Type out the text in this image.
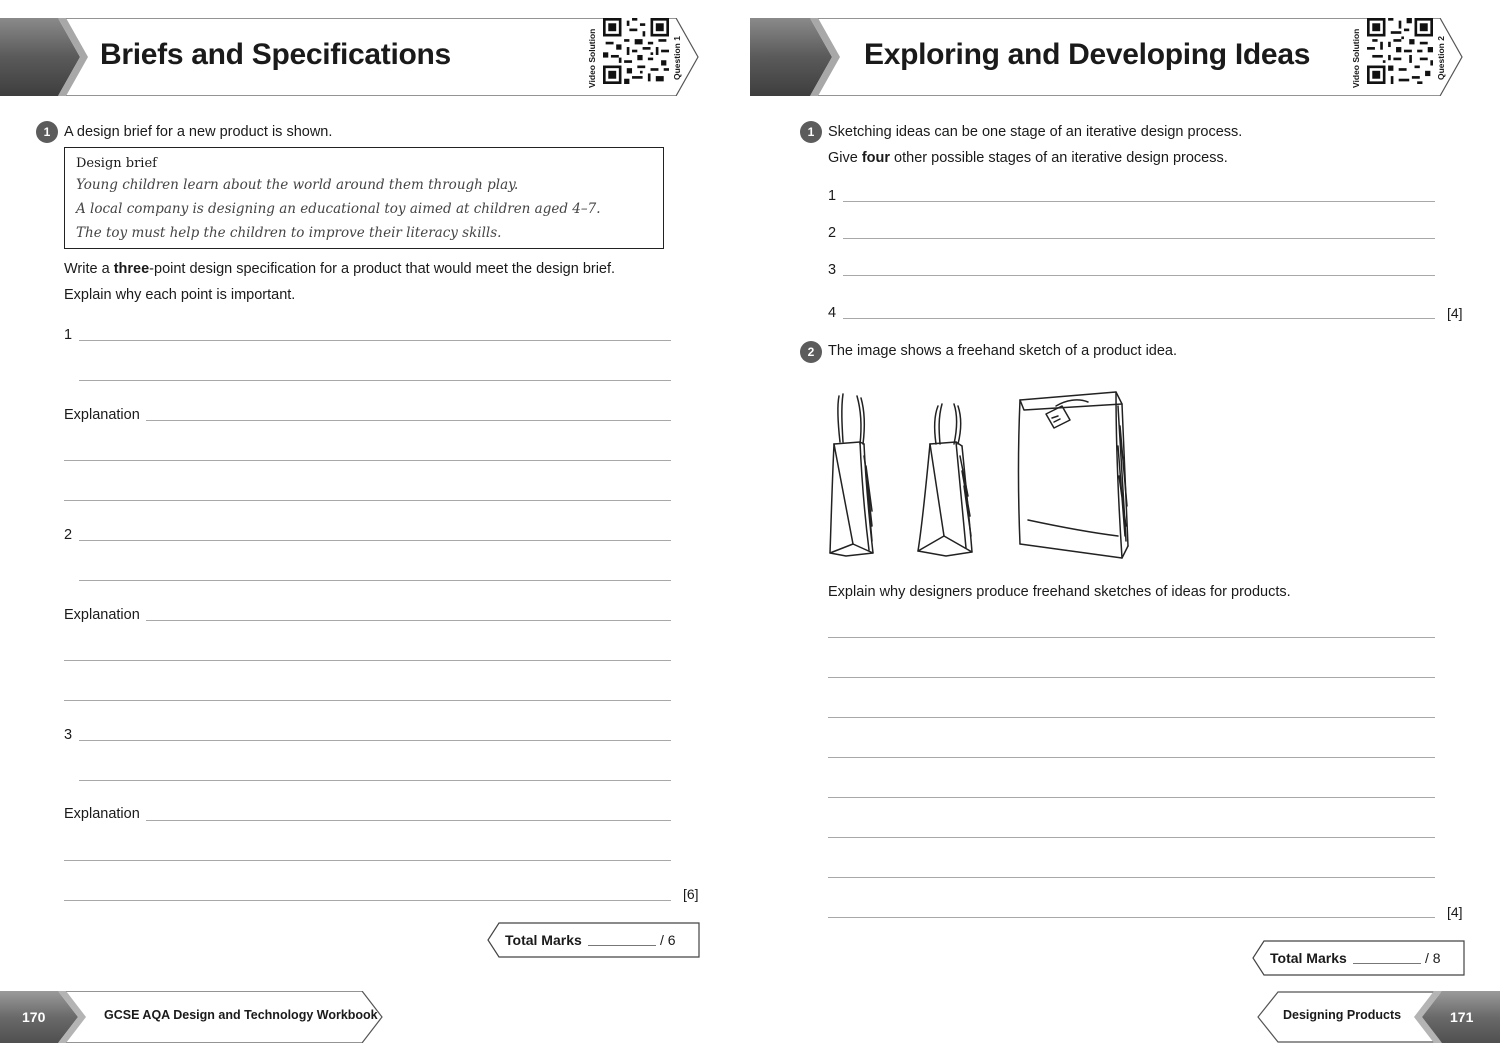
Briefs and Specifications	Video Solution	Question 1
1 A design brief for a new product is shown.
Design brief
Young children learn about the world around them through play.
A local company is designing an educational toy aimed at children aged 4–7.
The toy must help the children to improve their literacy skills.
Write a three-point design specification for a product that would meet the design brief.
Explain why each point is important.
1
Explanation
2
Explanation
3
Explanation
[6]
Total Marks	/ 6
170	GCSE AQA Design and Technology Workbook
Exploring and Developing Ideas	Video Solution	Question 2
1 Sketching ideas can be one stage of an iterative design process.
Give four other possible stages of an iterative design process.
1
2
3
4	[4]
2 The image shows a freehand sketch of a product idea.
Explain why designers produce freehand sketches of ideas for products.
[4]
Total Marks	/ 8
Designing Products	171
